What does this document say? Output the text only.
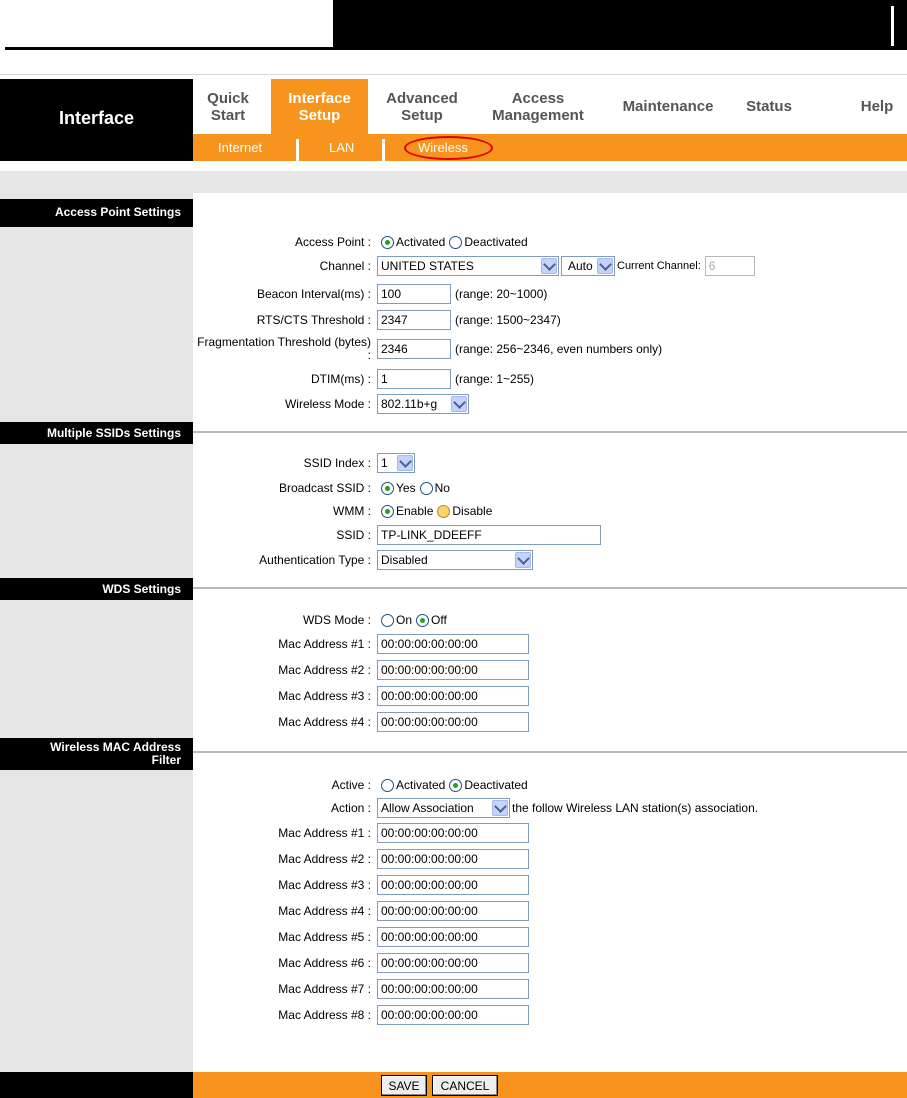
Interface
Quick
Start
Interface
Setup
Advanced
Setup
Access
Management	Maintenance Status	Help
Internet	LAN	Wireless
Access Point Settings
Access Point :	Activated Deactivated
Channel : UNITED STATES	Auto Current Channel: 6
Beacon Interval(ms) : 100	(range: 20~1000)
RTS/CTS Threshold : 2347	(range: 1500~2347)
Fragmentation Threshold (bytes) : 2346	(range: 256~2346, even numbers only)
DTIM(ms) : 1	(range: 1~255)
Wireless Mode : 802.11b+g
Multiple SSIDs Settings
SSID Index : 1
Broadcast SSID :	Yes No
WMM :	Enable Disable
SSID : TP-LINK_DDEEFF
Authentication Type : Disabled
WDS Settings
WDS Mode :	On Off
Mac Address #1 : 00:00:00:00:00:00
Mac Address #2 : 00:00:00:00:00:00
Mac Address #3 : 00:00:00:00:00:00
Mac Address #4 : 00:00:00:00:00:00
Wireless MAC Address
Filter
Active :	Activated Deactivated
Action : Allow Association	the follow Wireless LAN station(s) association.
Mac Address #1 : 00:00:00:00:00:00
Mac Address #2 : 00:00:00:00:00:00
Mac Address #3 : 00:00:00:00:00:00
Mac Address #4 : 00:00:00:00:00:00
Mac Address #5 : 00:00:00:00:00:00
Mac Address #6 : 00:00:00:00:00:00
Mac Address #7 : 00:00:00:00:00:00
Mac Address #8 : 00:00:00:00:00:00
SAVE	CANCEL
